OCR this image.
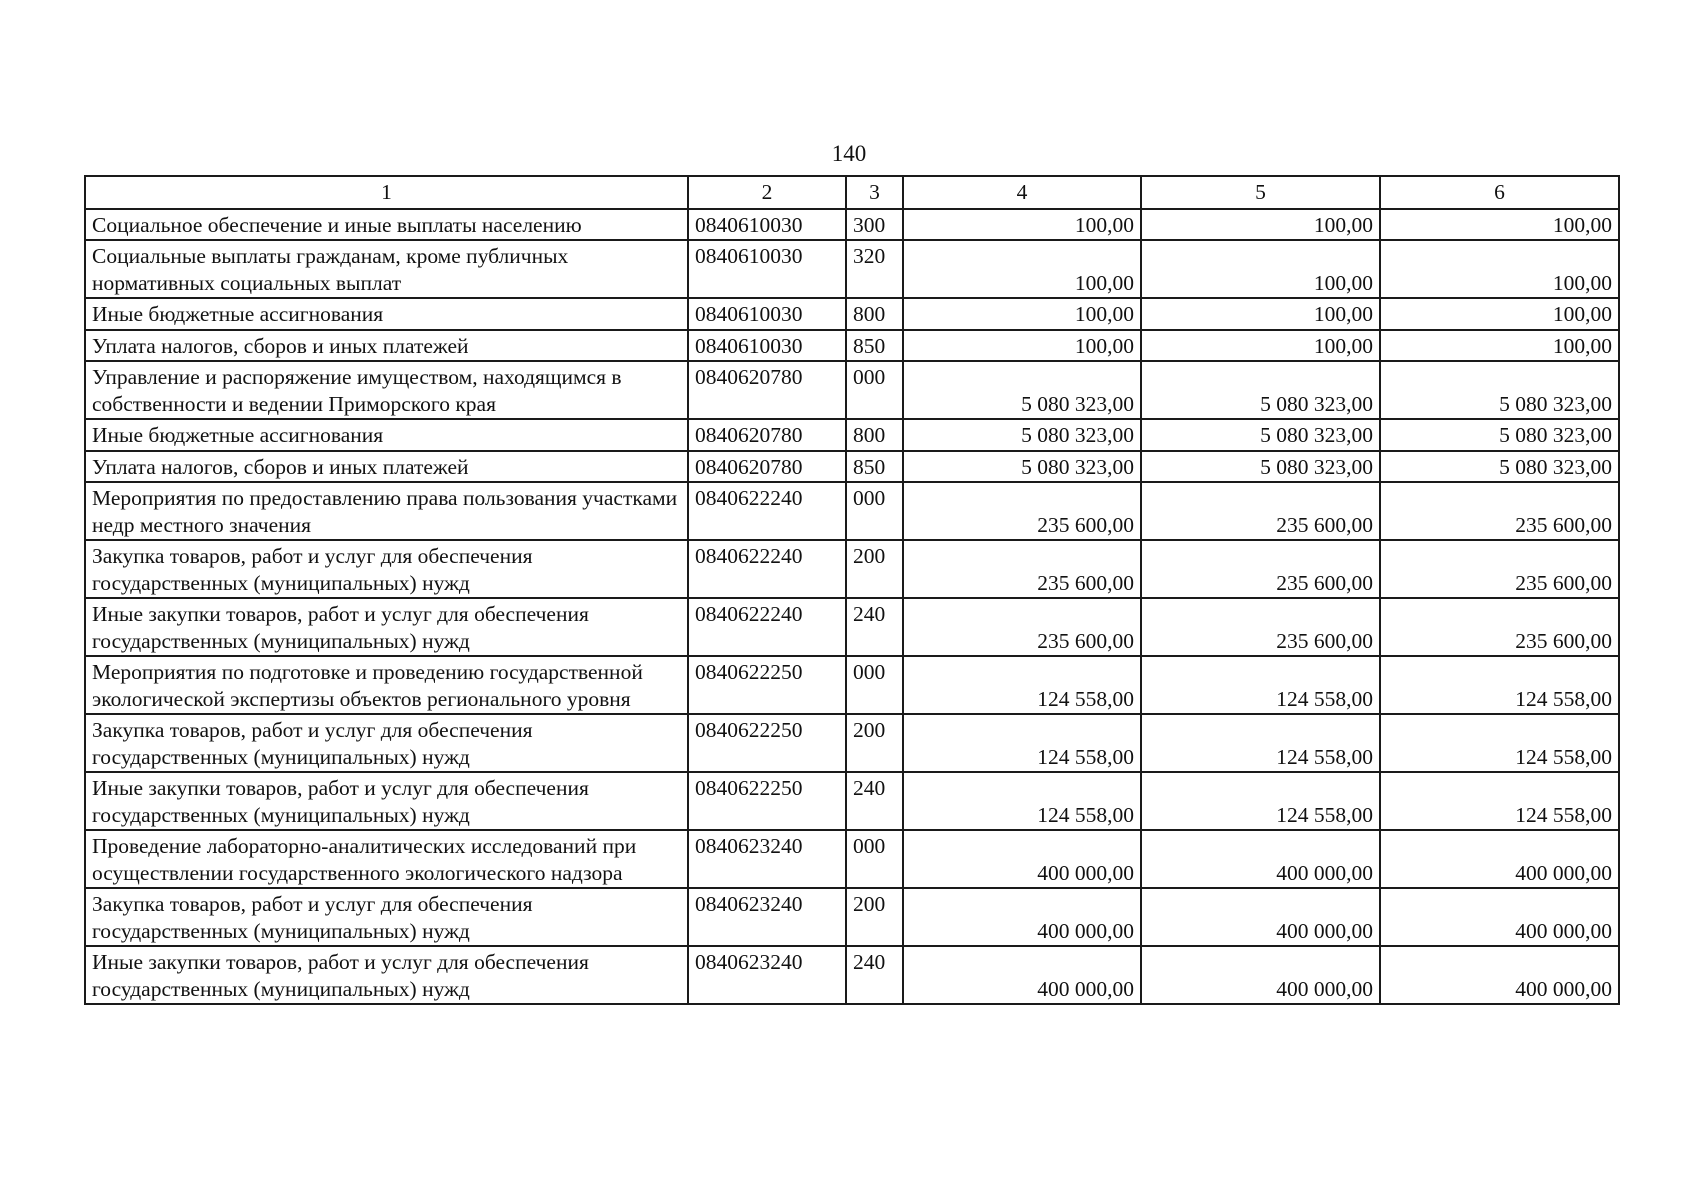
140
1	2	3	4	5	6
Социальное обеспечение и иные выплаты населению	0840610030	300	100,00	100,00	100,00
Социальные выплаты гражданам, кроме публичных нормативных социальных выплат	0840610030	320	100,00	100,00	100,00
Иные бюджетные ассигнования	0840610030	800	100,00	100,00	100,00
Уплата налогов, сборов и иных платежей	0840610030	850	100,00	100,00	100,00
Управление и распоряжение имуществом, находящимся в собственности и ведении Приморского края	0840620780	000	5 080 323,00	5 080 323,00	5 080 323,00
Иные бюджетные ассигнования	0840620780	800	5 080 323,00	5 080 323,00	5 080 323,00
Уплата налогов, сборов и иных платежей	0840620780	850	5 080 323,00	5 080 323,00	5 080 323,00
Мероприятия по предоставлению права пользования участками недр местного значения	0840622240	000	235 600,00	235 600,00	235 600,00
Закупка товаров, работ и услуг для обеспечения государственных (муниципальных) нужд	0840622240	200	235 600,00	235 600,00	235 600,00
Иные закупки товаров, работ и услуг для обеспечения государственных (муниципальных) нужд	0840622240	240	235 600,00	235 600,00	235 600,00
Мероприятия по подготовке и проведению государственной экологической экспертизы объектов регионального уровня	0840622250	000	124 558,00	124 558,00	124 558,00
Закупка товаров, работ и услуг для обеспечения государственных (муниципальных) нужд	0840622250	200	124 558,00	124 558,00	124 558,00
Иные закупки товаров, работ и услуг для обеспечения государственных (муниципальных) нужд	0840622250	240	124 558,00	124 558,00	124 558,00
Проведение лабораторно-аналитических исследований при осуществлении государственного экологического надзора	0840623240	000	400 000,00	400 000,00	400 000,00
Закупка товаров, работ и услуг для обеспечения государственных (муниципальных) нужд	0840623240	200	400 000,00	400 000,00	400 000,00
Иные закупки товаров, работ и услуг для обеспечения государственных (муниципальных) нужд	0840623240	240	400 000,00	400 000,00	400 000,00
